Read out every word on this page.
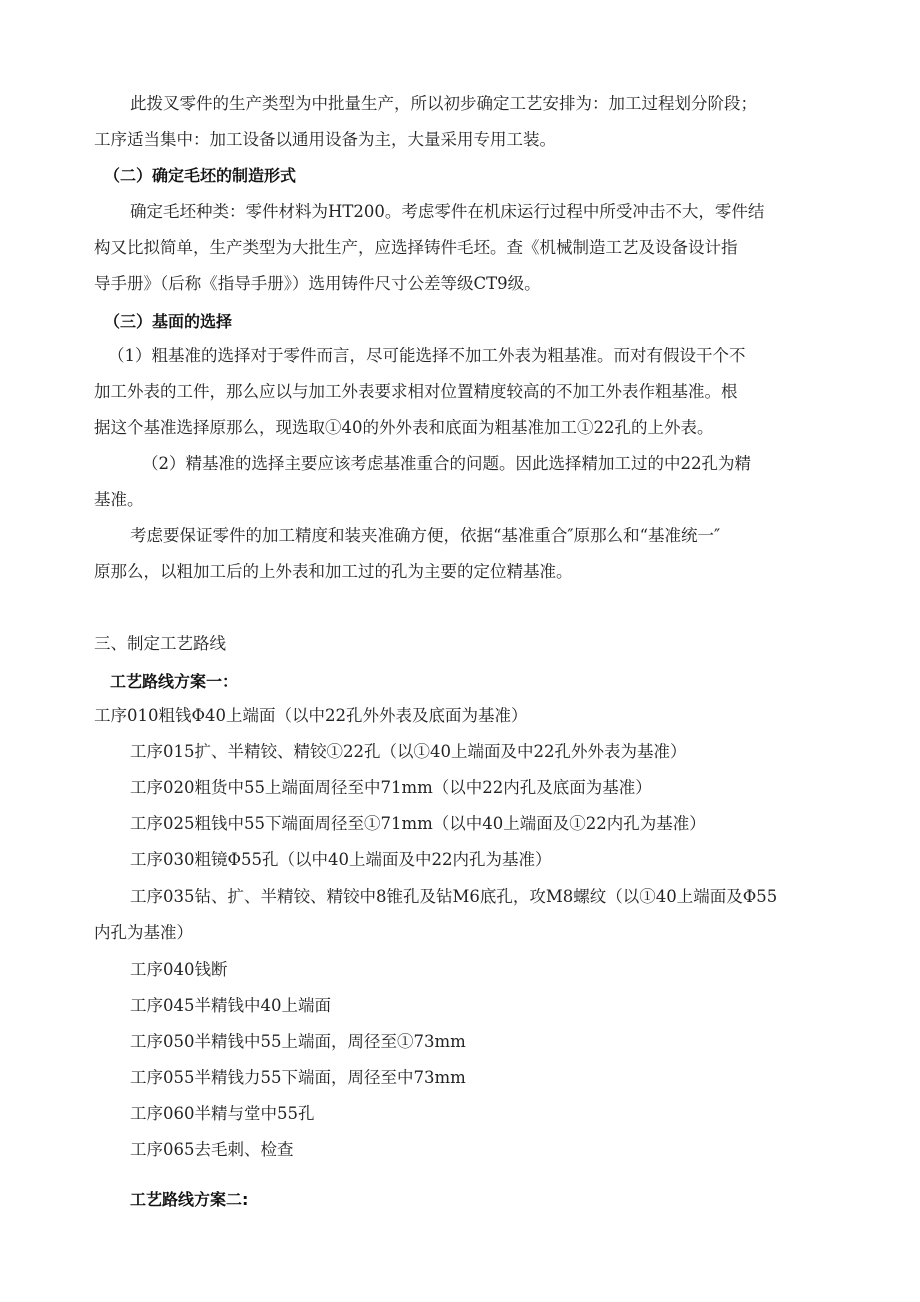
此拨叉零件的生产类型为中批量生产，所以初步确定工艺安排为：加工过程划分阶段；
工序适当集中：加工设备以通用设备为主，大量采用专用工装。
（二）确定毛坯的制造形式
确定毛坯种类：零件材料为HT200。考虑零件在机床运行过程中所受冲击不大，零件结
构又比拟简单，生产类型为大批生产，应选择铸件毛坯。查《机械制造工艺及设备设计指
导手册》（后称《指导手册》）选用铸件尺寸公差等级CT9级。
（三）基面的选择
（1）粗基准的选择对于零件而言，尽可能选择不加工外表为粗基准。而对有假设干个不
加工外表的工件，那么应以与加工外表要求相对位置精度较高的不加工外表作粗基准。根
据这个基准选择原那么，现选取①40的外外表和底面为粗基准加工①22孔的上外表。
（2）精基准的选择主要应该考虑基准重合的问题。因此选择精加工过的中22孔为精
基准。
考虑要保证零件的加工精度和装夹准确方便，依据“基准重合″原那么和“基准统一″
原那么，以粗加工后的上外表和加工过的孔为主要的定位精基准。
三、制定工艺路线
工艺路线方案一：
工序010粗钱Φ40上端面（以中22孔外外表及底面为基准）
工序015扩、半精铰、精铰①22孔（以①40上端面及中22孔外外表为基准）
工序020粗货中55上端面周径至中71mm（以中22内孔及底面为基准）
工序025粗钱中55下端面周径至①71mm（以中40上端面及①22内孔为基准）
工序030粗镜Φ55孔（以中40上端面及中22内孔为基准）
工序035钻、扩、半精铰、精铰中8锥孔及钻M6底孔，攻M8螺纹（以①40上端面及Φ55
内孔为基准）
工序040钱断
工序045半精钱中40上端面
工序050半精钱中55上端面，周径至①73mm
工序055半精钱力55下端面，周径至中73mm
工序060半精与堂中55孔
工序065去毛刺、检查
工艺路线方案二:
